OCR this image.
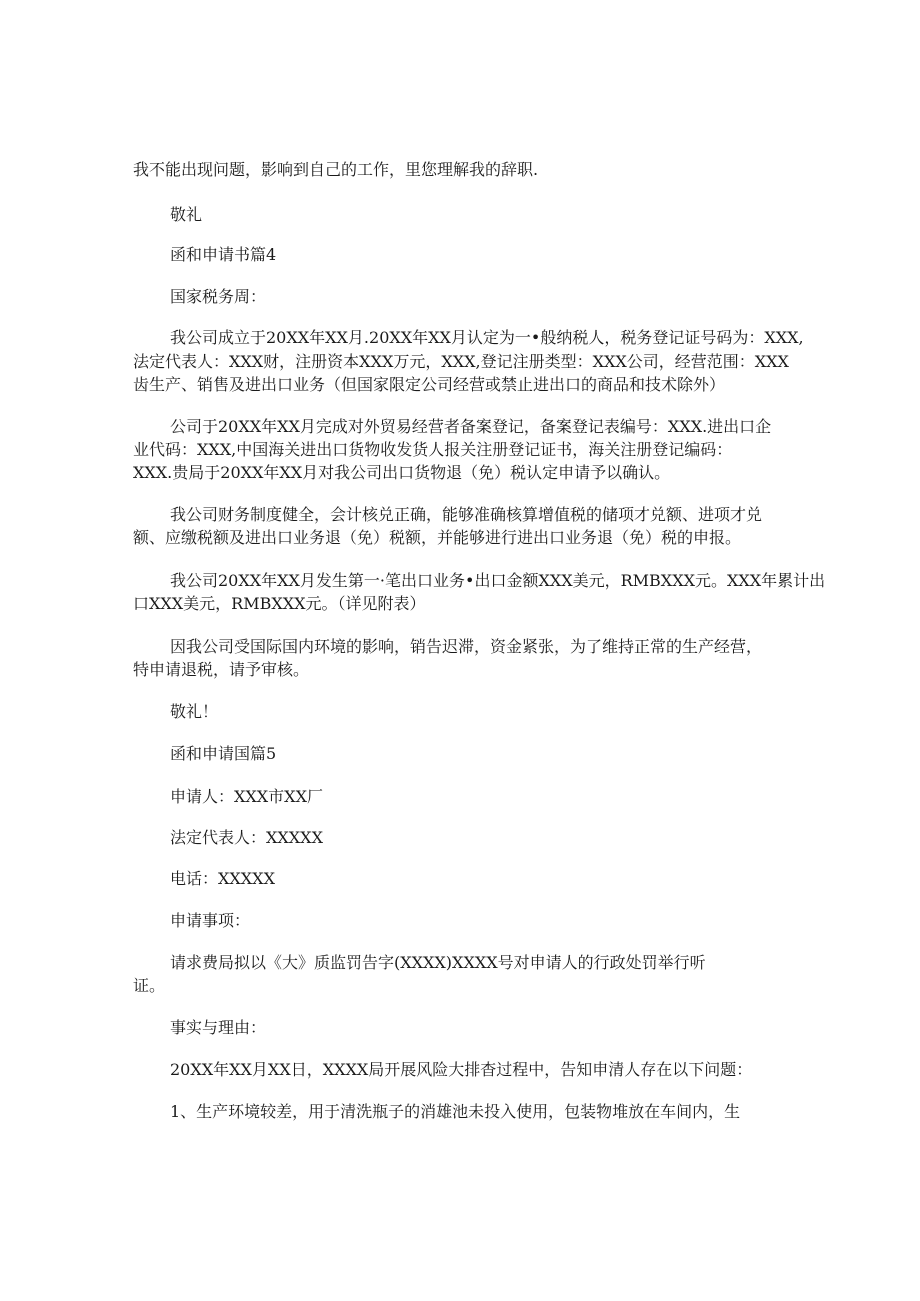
我不能出现问题，影响到自己的工作，里您理解我的辞职.
敬礼
函和申请书篇4
国家税务周：
我公司成立于20XX年XX月.20XX年XX月认定为一•般纳税人，税务登记证号码为：XXX,
法定代表人：XXX财，注册资本XXX万元，XXX,登记注册类型：XXX公司，经营范围：XXX
齿生产、销售及进出口业务（但国家限定公司经营或禁止进出口的商品和技术除外）
公司于20XX年XX月完成对外贸易经营者备案登记，备案登记表编号：XXX.进出口企
业代码：XXX,中国海关进出口货物收发货人报关注册登记证书，海关注册登记编码：
XXX.贵局于20XX年XX月对我公司出口货物退（免）税认定申请予以确认。
我公司财务制度健全，会计核兑正确，能够准确核算增值税的储项才兑额、进项才兑
额、应缴税额及进出口业务退（免）税额，并能够进行进出口业务退（免）税的申报。
我公司20XX年XX月发生第一·笔出口业务•出口金额XXX美元，RMBXXX元。XXX年累计出
口XXX美元，RMBXXX元。（详见附表）
因我公司受国际国内环境的影响，销告迟滞，资金紧张，为了维持正常的生产经营，
特申请退税，请予审核。
敬礼！
函和申请国篇5
申请人：XXX市XX厂
法定代表人：XXXXX
电话：XXXXX
申请事项：
请求费局拟以《大》质监罚告字(XXXX)XXXX号对申请人的行政处罚举行听
证。
事实与理由：
20XX年XX月XX日，XXXX局开展风险大排杳过程中，告知申清人存在以下问题：
1、生产环境较差，用于清洗瓶子的消雄池未投入使用，包装物堆放在车间内，生
